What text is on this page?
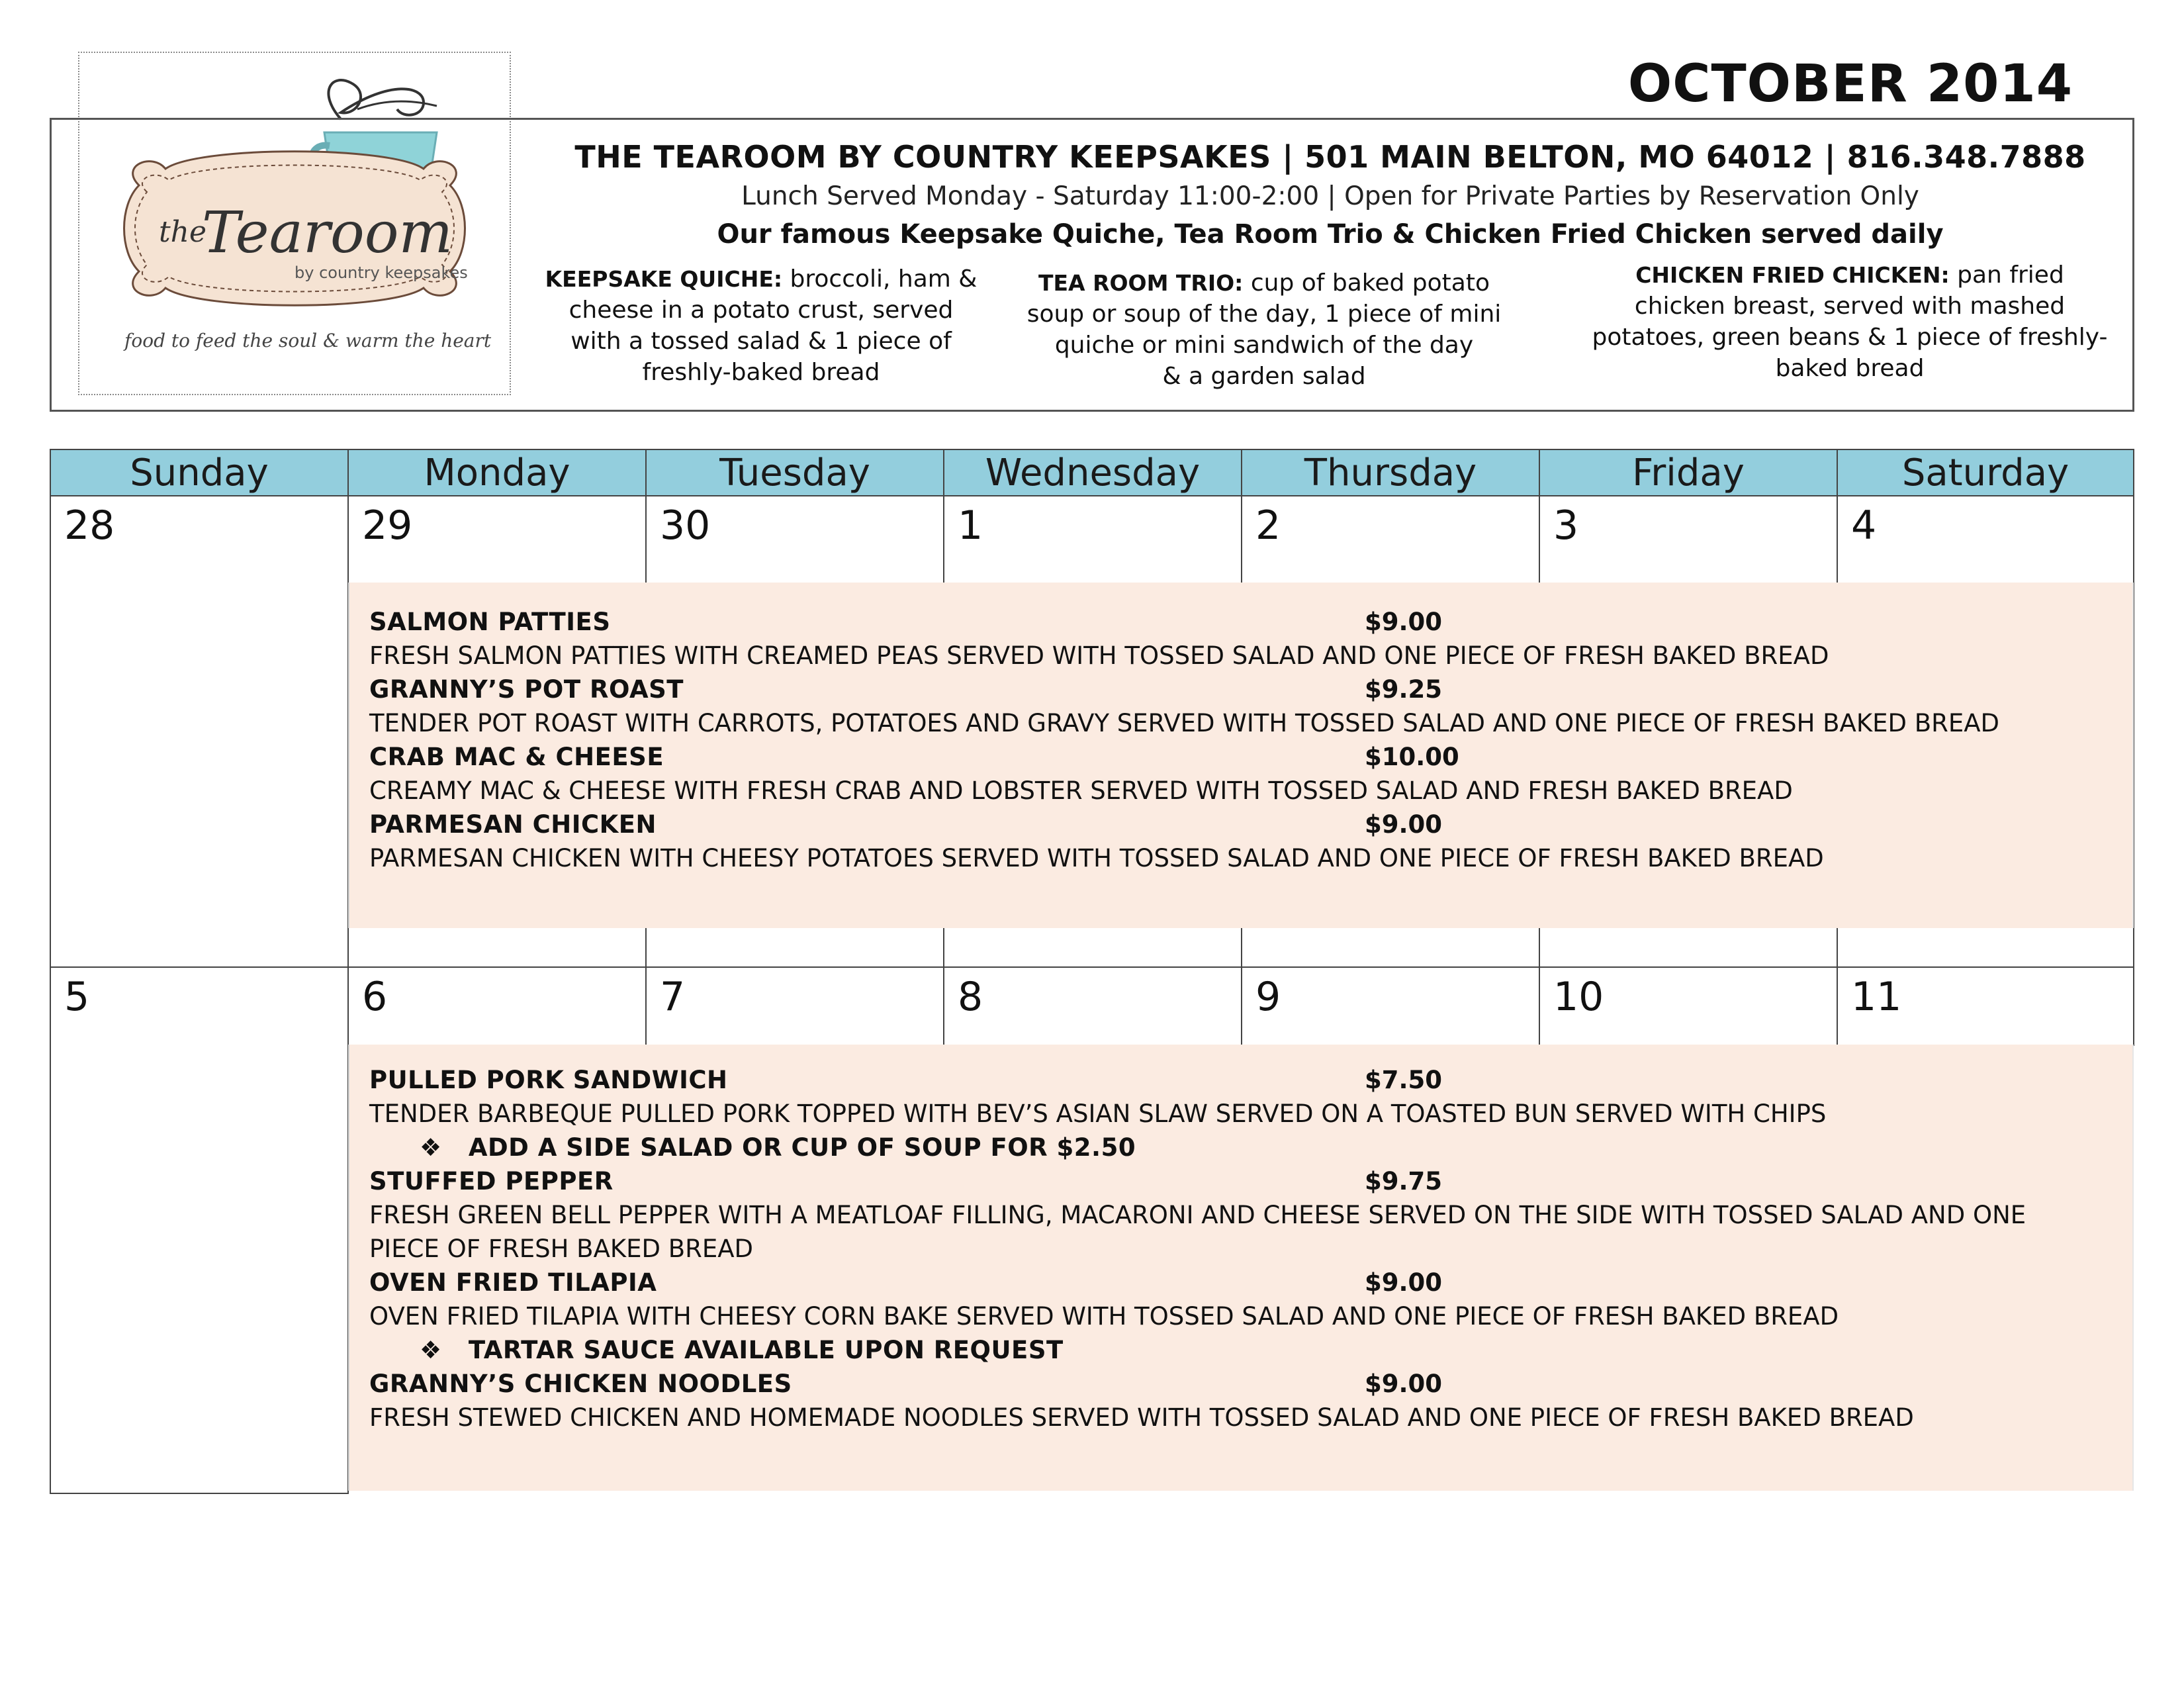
the
Tearoom
by country keepsakes
food to feed the soul & warm the heart
OCTOBER 2014

THE TEAROOM BY COUNTRY KEEPSAKES | 501 MAIN BELTON, MO 64012 | 816.348.7888

Lunch Served Monday - Saturday 11:00-2:00 | Open for Private Parties by Reservation Only

Our famous Keepsake Quiche, Tea Room Trio & Chicken Fried Chicken served daily

KEEPSAKE QUICHE: broccoli, ham &
cheese in a potato crust, served
with a tossed salad & 1 piece of
freshly-baked bread
TEA ROOM TRIO: cup of baked potato
soup or soup of the day, 1 piece of mini
quiche or mini sandwich of the day
& a garden salad
CHICKEN FRIED CHICKEN: pan fried
chicken breast, served with mashed
potatoes, green beans & 1 piece of freshly-
baked bread
Sunday	Monday	Tuesday	Wednesday	Thursday	Friday	Saturday
28	29	30	1	2	3	4
SALMON PATTIES	$9.00
FRESH SALMON PATTIES WITH CREAMED PEAS SERVED WITH TOSSED SALAD AND ONE PIECE OF FRESH BAKED BREAD
GRANNY’S POT ROAST	$9.25
TENDER POT ROAST WITH CARROTS, POTATOES AND GRAVY SERVED WITH TOSSED SALAD AND ONE PIECE OF FRESH BAKED BREAD
CRAB MAC & CHEESE	$10.00
CREAMY MAC & CHEESE WITH FRESH CRAB AND LOBSTER SERVED WITH TOSSED SALAD AND FRESH BAKED BREAD
PARMESAN CHICKEN	$9.00
PARMESAN CHICKEN WITH CHEESY POTATOES SERVED WITH TOSSED SALAD AND ONE PIECE OF FRESH BAKED BREAD
5	6	7	8	9	10	11
PULLED PORK SANDWICH	$7.50
TENDER BARBEQUE PULLED PORK TOPPED WITH BEV’S ASIAN SLAW SERVED ON A TOASTED BUN SERVED WITH CHIPS
❖ ADD A SIDE SALAD OR CUP OF SOUP FOR $2.50
STUFFED PEPPER	$9.75
FRESH GREEN BELL PEPPER WITH A MEATLOAF FILLING, MACARONI AND CHEESE SERVED ON THE SIDE WITH TOSSED SALAD AND ONE
PIECE OF FRESH BAKED BREAD
OVEN FRIED TILAPIA	$9.00
OVEN FRIED TILAPIA WITH CHEESY CORN BAKE SERVED WITH TOSSED SALAD AND ONE PIECE OF FRESH BAKED BREAD
❖ TARTAR SAUCE AVAILABLE UPON REQUEST
GRANNY’S CHICKEN NOODLES	$9.00
FRESH STEWED CHICKEN AND HOMEMADE NOODLES SERVED WITH TOSSED SALAD AND ONE PIECE OF FRESH BAKED BREAD
